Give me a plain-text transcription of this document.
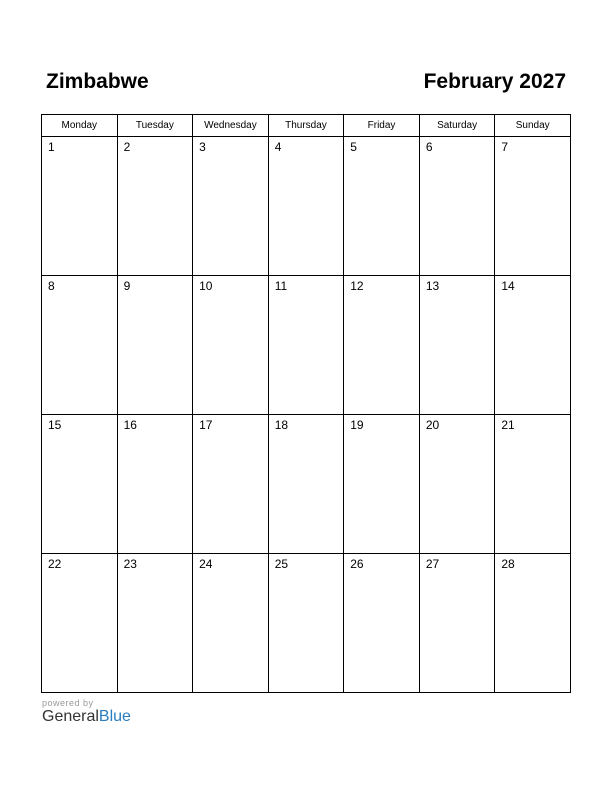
Zimbabwe	February 2027
Monday	Tuesday	Wednesday	Thursday	Friday	Saturday	Sunday

1	2	3	4	5	6	7

8	9	10	11	12	13	14

15	16	17	18	19	20	21

22	23	24	25	26	27	28
powered by
GeneralBlue
